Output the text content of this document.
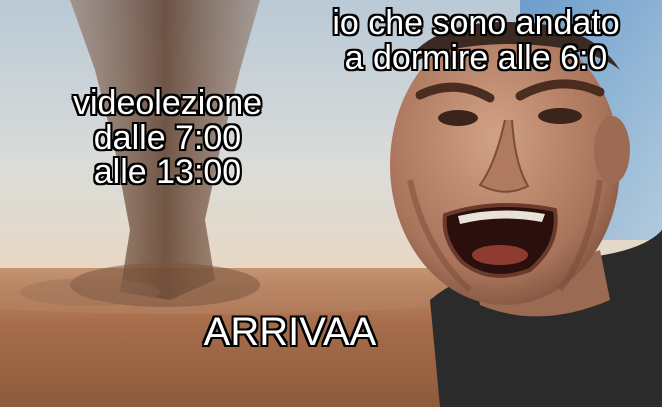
videolezione
dalle 7:00
alle 13:00
io che sono andato
a dormire alle 6:0
ARRIVAA
